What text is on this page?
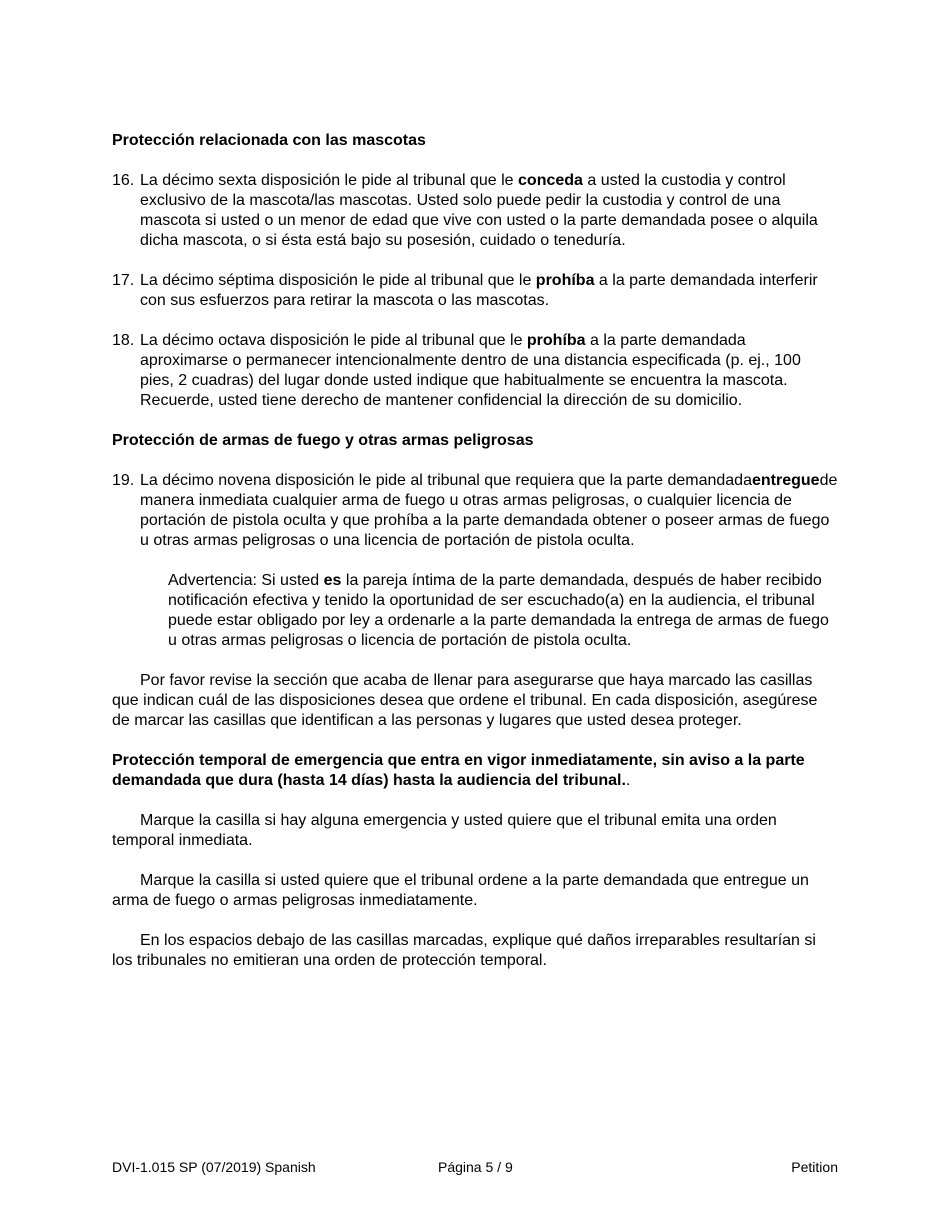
Protección relacionada con las mascotas

16. La décimo sexta disposición le pide al tribunal que le conceda a usted la custodia y control exclusivo de la mascota/las mascotas. Usted solo puede pedir la custodia y control de una mascota si usted o un menor de edad que vive con usted o la parte demandada posee o alquila dicha mascota, o si ésta está bajo su posesión, cuidado o teneduría.
17. La décimo séptima disposición le pide al tribunal que le prohíba a la parte demandada interferir con sus esfuerzos para retirar la mascota o las mascotas.
18. La décimo octava disposición le pide al tribunal que le prohíba a la parte demandada aproximarse o permanecer intencionalmente dentro de una distancia especificada (p. ej., 100 pies, 2 cuadras) del lugar donde usted indique que habitualmente se encuentra la mascota. Recuerde, usted tiene derecho de mantener confidencial la dirección de su domicilio.

Protección de armas de fuego y otras armas peligrosas

19. La décimo novena disposición le pide al tribunal que requiera que la parte demandadaentreguede manera inmediata cualquier arma de fuego u otras armas peligrosas, o cualquier licencia de portación de pistola oculta y que prohíba a la parte demandada obtener o poseer armas de fuego u otras armas peligrosas o una licencia de portación de pistola oculta.
Advertencia: Si usted es la pareja íntima de la parte demandada, después de haber recibido notificación efectiva y tenido la oportunidad de ser escuchado(a) en la audiencia, el tribunal puede estar obligado por ley a ordenarle a la parte demandada la entrega de armas de fuego u otras armas peligrosas o licencia de portación de pistola oculta.

Por favor revise la sección que acaba de llenar para asegurarse que haya marcado las casillas que indican cuál de las disposiciones desea que ordene el tribunal. En cada disposición, asegúrese de marcar las casillas que identifican a las personas y lugares que usted desea proteger.

Protección temporal de emergencia que entra en vigor inmediatamente, sin aviso a la parte demandada que dura (hasta 14 días) hasta la audiencia del tribunal..

Marque la casilla si hay alguna emergencia y usted quiere que el tribunal emita una orden temporal inmediata.

Marque la casilla si usted quiere que el tribunal ordene a la parte demandada que entregue un arma de fuego o armas peligrosas inmediatamente.

En los espacios debajo de las casillas marcadas, explique qué daños irreparables resultarían si los tribunales no emitieran una orden de protección temporal.

DVI-1.015 SP (07/2019) Spanish	Página 5 / 9	Petition
